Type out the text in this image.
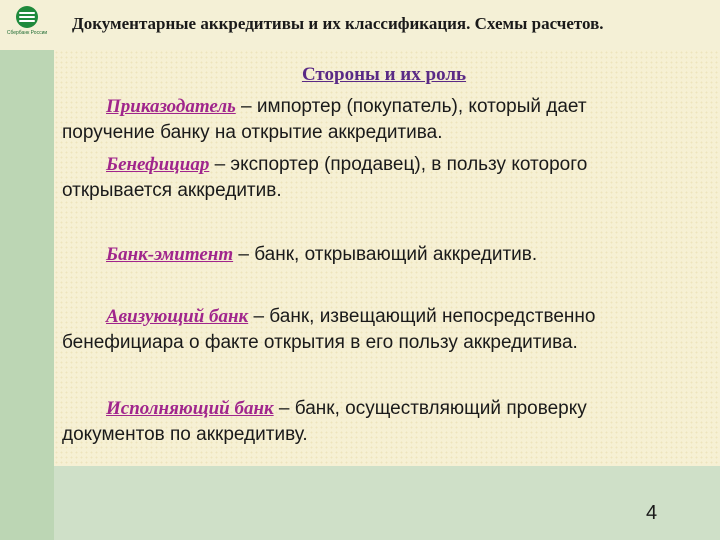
Сбербанк России Документарные аккредитивы и их классификация. Схемы расчетов.
Стороны и их роль
Приказодатель – импортер (покупатель), который дает поручение банку на открытие аккредитива.
Бенефициар – экспортер (продавец), в пользу которого открывается аккредитив.
Банк-эмитент – банк, открывающий аккредитив.
Авизующий банк – банк, извещающий непосредственно бенефициара о факте открытия в его пользу аккредитива.
Исполняющий банк – банк, осуществляющий проверку документов по аккредитиву.
4
